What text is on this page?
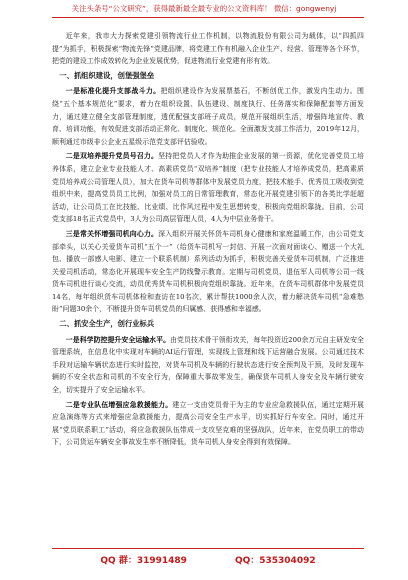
关注头条号“公文研究”，获得最新最全最专业的公文资料库！ 微信：gongwenyj

近年来，我市大力探索党建引领物流行业工作机制，以物流股份有限公司为载体，以“四抓四提”为抓手，积极探索“物流先锋”党建品牌，将党建工作有机融入企业生产、经营、管理等各个环节，把党的建设工作成效转化为企业发展优势，促进物流行业党建有形有效。

一、抓组织建设，创堡强堡垒

一是标准化提升支部战斗力。把组织建设作为发展票基石，不断创优工作，激发内生动力。围绕“五个基本规范化”要求，着力在组织设置、队伍建设、制度执行、任务落实和保障配套等方面发力，通过建立健全支部管理制度，透优配强支部班子成员，规范开展组织生活，增强阵地宣传、教育、培训功能，有效促进支部活动正常化、制度化、规范化。全面激发支部工作活力，2019年12月，顺利通过市级非公企业五星级示范党支部评估验收。

二是双培养提升党员号召力。坚持把党员人才作为助推企业发展的第一资源，优化完善党员工培养体系，建立企业专业技能人才、高素质党员“双培养”制度（把专业技能人才培养成党员，把高素质党员培养成公司管理人员），加大在货车司机等群体中发展党员力度，把技术能手、优秀员工吸收到党组织中来，提高党员员工比例，加强对员工的日常管理教育，常态化开展党建引领下的各类比学赶超活动，让公司员工在比技能、比业绩、比作风过程中发生思想转变，积极向党组织靠拢。目前，公司党支部18名正式党员中，3人为公司高层管理人员，4人为中层业务骨干。

三是常关怀增强司机向心力。深入组织开展关怀货车司机身心健康和家庭温暖工作，由公司党支部牵头，以关心关爱货车司机“五个一”（给货车司机写一封信、开展一次面对面谈心、赠送一个大礼包、播放一部感人电影、建立一个联系机制）系列活动为抓手，积极完善关爱货车司机制，广泛推进关爱司机活动，常态化开展现车安全生产防线警示教育。定期与司机党员、退伍军人司机等公司一线货车司机进行谈心交流，动员优秀货车司机积极向党组织靠拢。近年来，在货车司机群体中发展党员14名，每年组织货车司机体检和查访在10名次，累计帮扶1000余人次，着力解决货车司机“急难愁盼”问题30余个，不断提升货车司机党员的归属感、获得感和幸福感。

二、抓安全生产，创行业标兵

一是科学防控提升安全运输水平。由党员技术骨干领衔攻关，每年投资近200余万元自主研发安全管理系统，在信息化中实现对车辆的AI运行管理，实现线上管理和线下运营融合发展。公司通过技术手段对运输车辆状态进行实时监控，对货车司机及车辆的行驶状态进行安全预判及干预，及时发现车辆的不安全状态和司机的不安全行为，保障重大事故零发生，确保货车司机人身安全及车辆行驶安全，切实提升了安全运输水平。

二是专业队伍增强应急救援能力。建立一支由党员骨干为主的专业应急救援队伍，通过定期开展应急演练等方式来增强应急救援能力，提高公司安全生产水平，切实抓好行车安全。同时，通过开展“党员联系职工”活动，将应急救援队伍带成一支攻坚克难的坚强战队，近年来，在党员职工的带动下，公司货运车辆安全事故发生率不断降低，货车司机人身安全得到有效保障。

QQ 群：31991489	QQ：535304092
